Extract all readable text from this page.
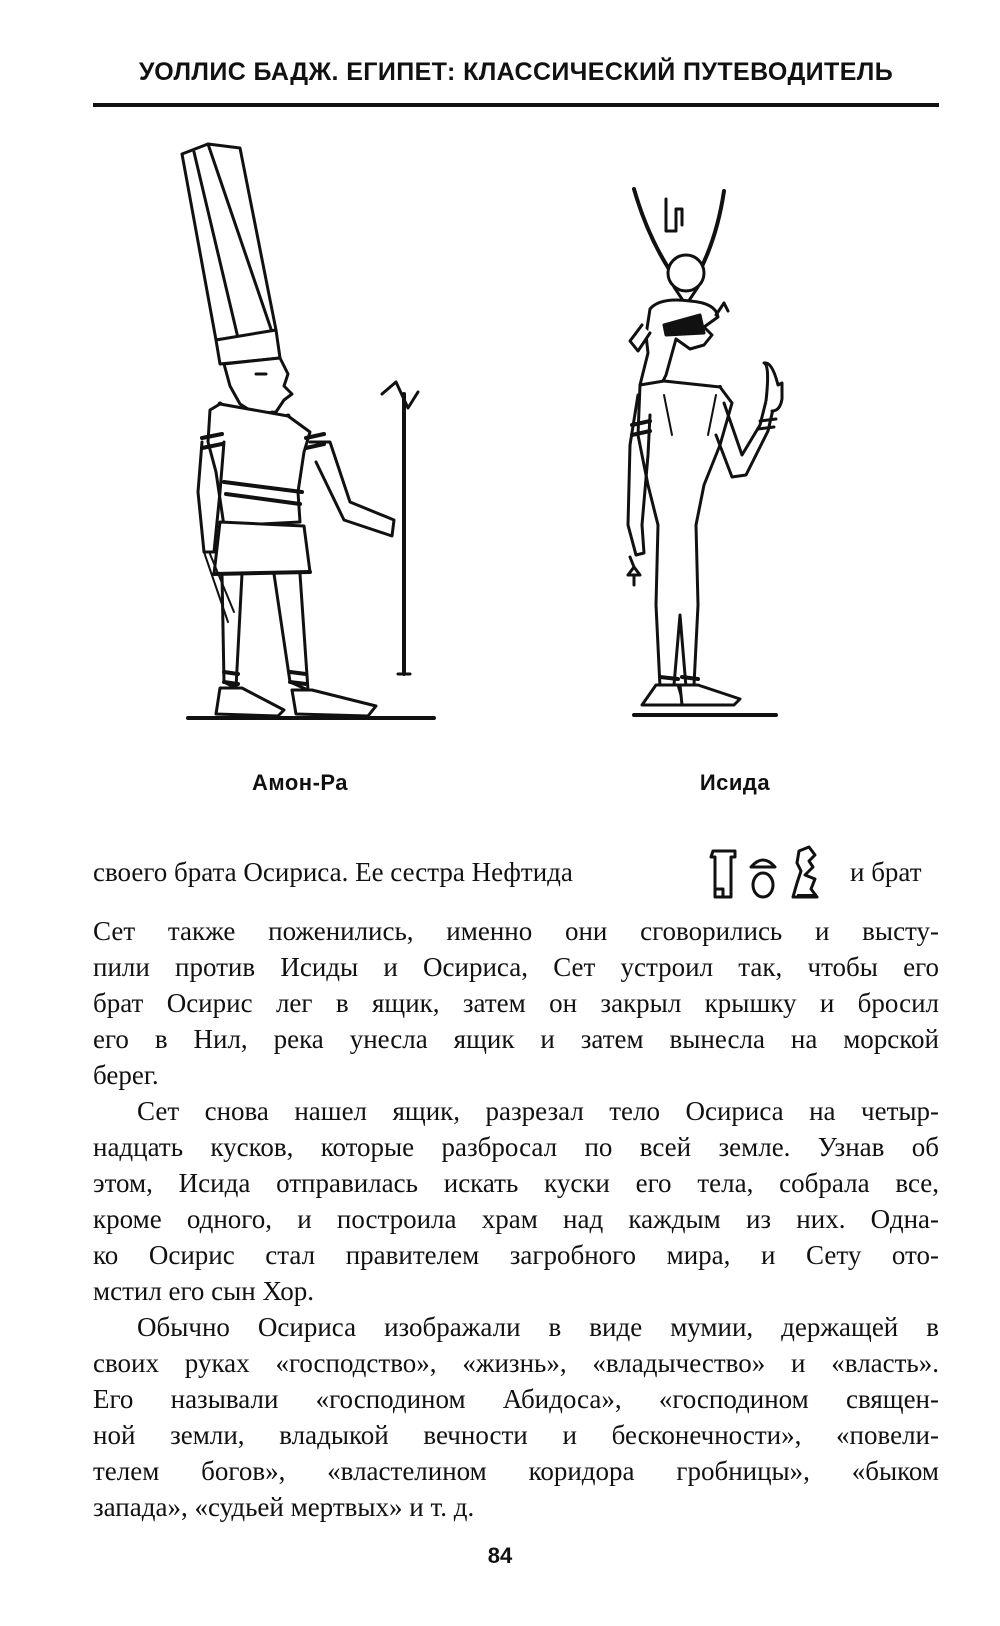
УОЛЛИС БАДЖ. ЕГИПЕТ: КЛАССИЧЕСКИЙ ПУТЕВОДИТЕЛЬ
Амон-Ра	Исида
своего брата Осириса. Ее сестра Нефтида	и брат
Сет также поженились, именно они сговорились и высту-
пили против Исиды и Осириса, Сет устроил так, чтобы его
брат Осирис лег в ящик, затем он закрыл крышку и бросил
его в Нил, река унесла ящик и затем вынесла на морской
берег.
Сет снова нашел ящик, разрезал тело Осириса на четыр-
надцать кусков, которые разбросал по всей земле. Узнав об
этом, Исида отправилась искать куски его тела, собрала все,
кроме одного, и построила храм над каждым из них. Одна-
ко Осирис стал правителем загробного мира, и Сету ото-
мстил его сын Хор.
Обычно Осириса изображали в виде мумии, держащей в
своих руках «господство», «жизнь», «владычество» и «власть».
Его называли «господином Абидоса», «господином священ-
ной земли, владыкой вечности и бесконечности», «повели-
телем богов», «властелином коридора гробницы», «быком
запада», «судьей мертвых» и т. д.
84
